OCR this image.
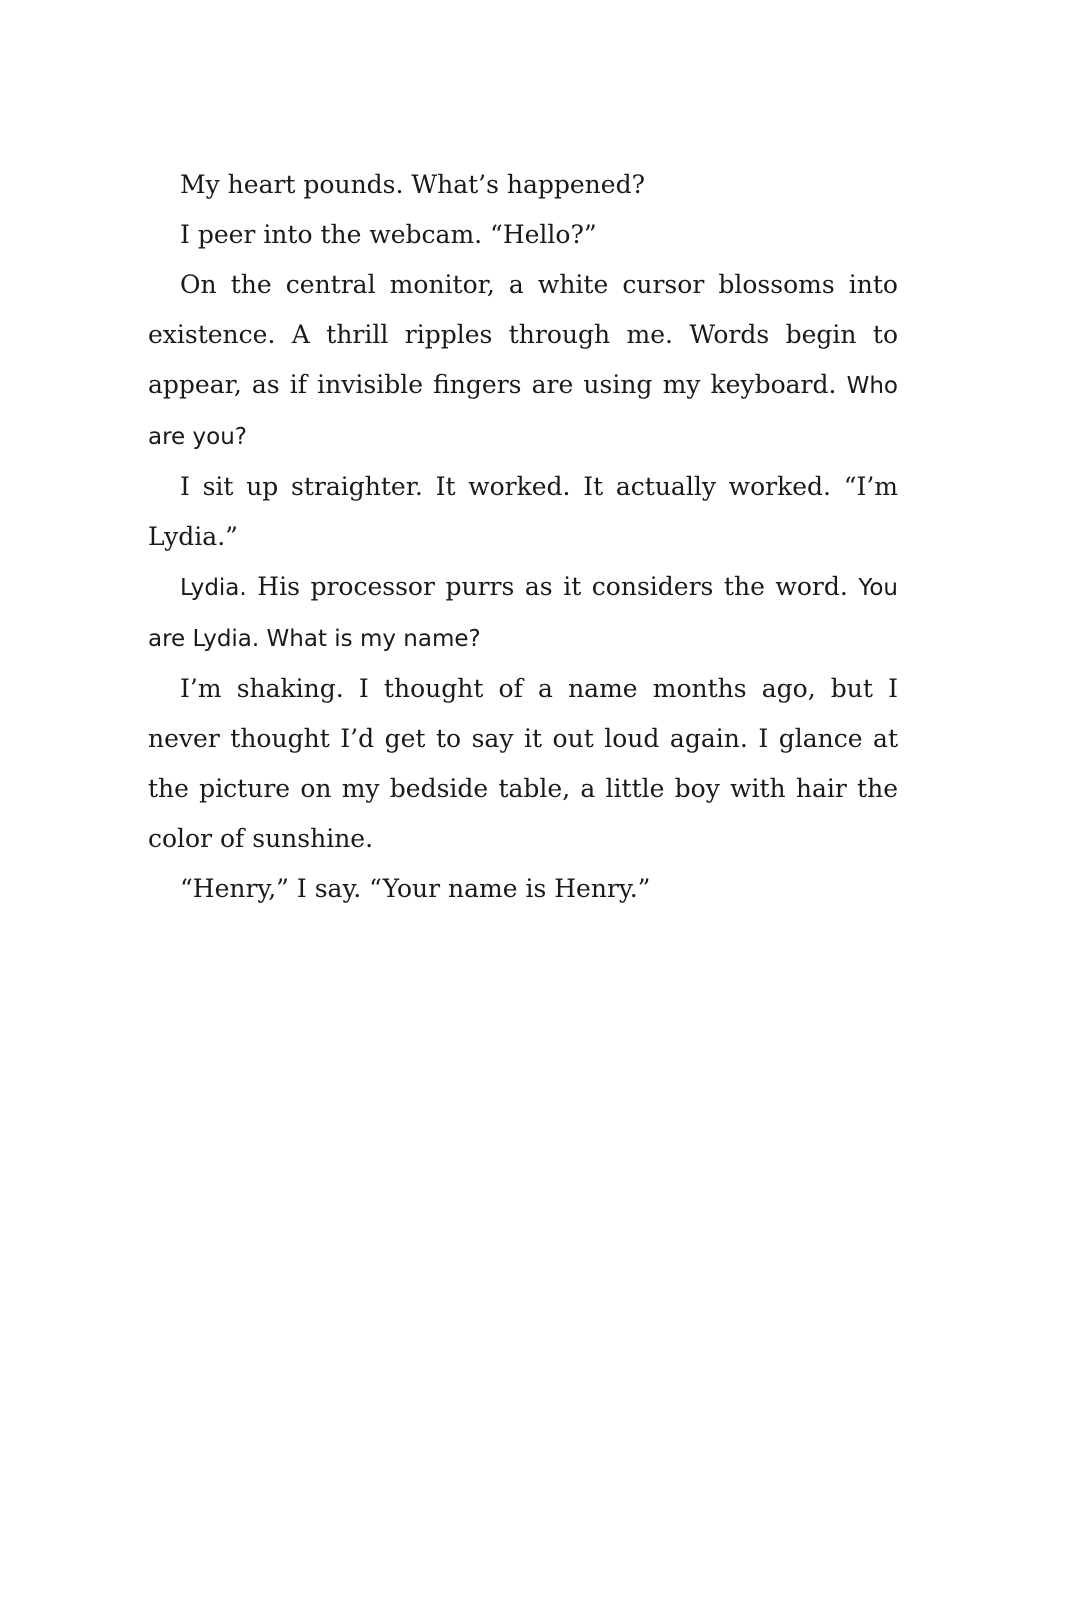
My heart pounds. What’s happened?

I peer into the webcam. “Hello?”

On the central monitor, a white cursor blossoms into existence. A thrill ripples through me. Words begin to appear, as if invisible fingers are using my keyboard. Who are you?

I sit up straighter. It worked. It actually worked. “I’m Lydia.”

Lydia. His processor purrs as it considers the word. You are Lydia. What is my name?

I’m shaking. I thought of a name months ago, but I never thought I’d get to say it out loud again. I glance at the picture on my bedside table, a little boy with hair the color of sunshine.

“Henry,” I say. “Your name is Henry.”
